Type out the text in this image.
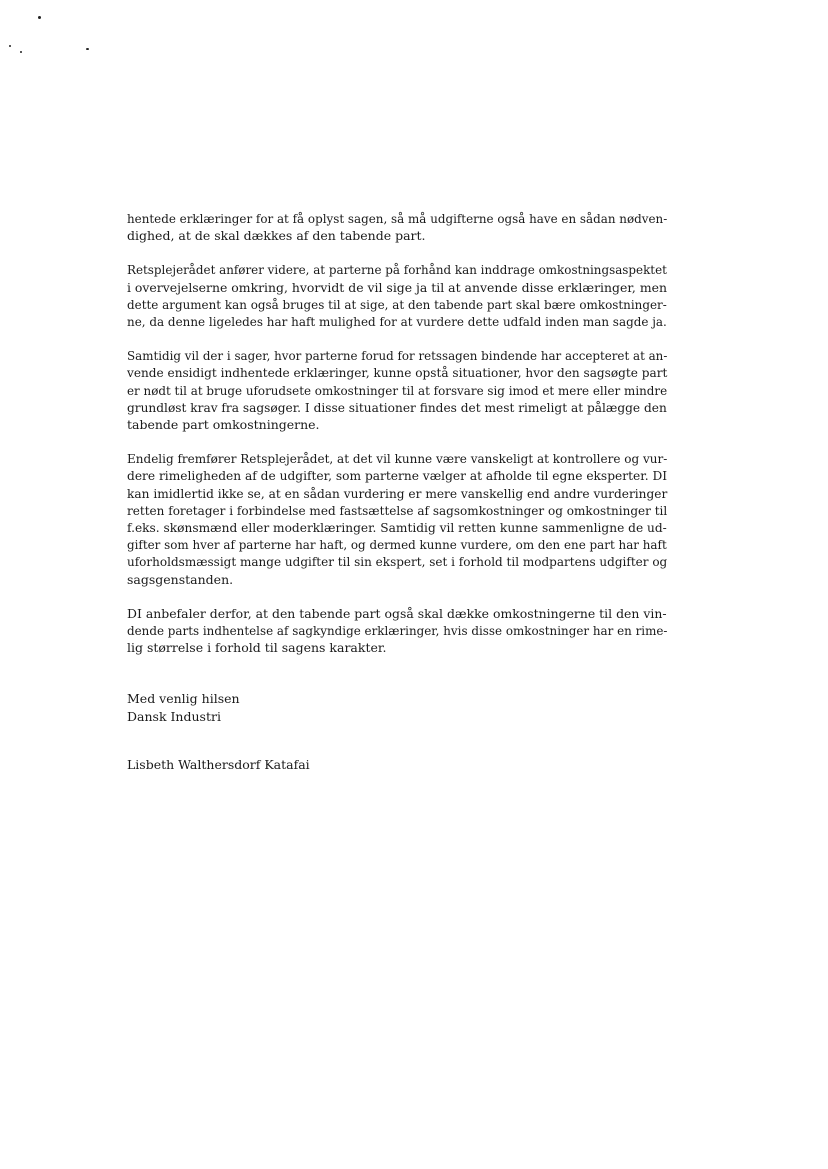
hentede erklæringer for at få oplyst sagen, så må udgifterne også have en sådan nødven-
dighed, at de skal dækkes af den tabende part.

Retsplejerådet anfører videre, at parterne på forhånd kan inddrage omkostningsaspektet
i overvejelserne omkring, hvorvidt de vil sige ja til at anvende disse erklæringer, men
dette argument kan også bruges til at sige, at den tabende part skal bære omkostninger-
ne, da denne ligeledes har haft mulighed for at vurdere dette udfald inden man sagde ja.

Samtidig vil der i sager, hvor parterne forud for retssagen bindende har accepteret at an-
vende ensidigt indhentede erklæringer, kunne opstå situationer, hvor den sagsøgte part
er nødt til at bruge uforudsete omkostninger til at forsvare sig imod et mere eller mindre
grundløst krav fra sagsøger. I disse situationer findes det mest rimeligt at pålægge den
tabende part omkostningerne.

Endelig fremfører Retsplejerådet, at det vil kunne være vanskeligt at kontrollere og vur-
dere rimeligheden af de udgifter, som parterne vælger at afholde til egne eksperter. DI
kan imidlertid ikke se, at en sådan vurdering er mere vanskellig end andre vurderinger
retten foretager i forbindelse med fastsættelse af sagsomkostninger og omkostninger til
f.eks. skønsmænd eller moderklæringer. Samtidig vil retten kunne sammenligne de ud-
gifter som hver af parterne har haft, og dermed kunne vurdere, om den ene part har haft
uforholdsmæssigt mange udgifter til sin ekspert, set i forhold til modpartens udgifter og
sagsgenstanden.

DI anbefaler derfor, at den tabende part også skal dække omkostningerne til den vin-
dende parts indhentelse af sagkyndige erklæringer, hvis disse omkostninger har en rime-
lig størrelse i forhold til sagens karakter.

Med venlig hilsen
Dansk Industri
Lisbeth Walthersdorf Katafai
